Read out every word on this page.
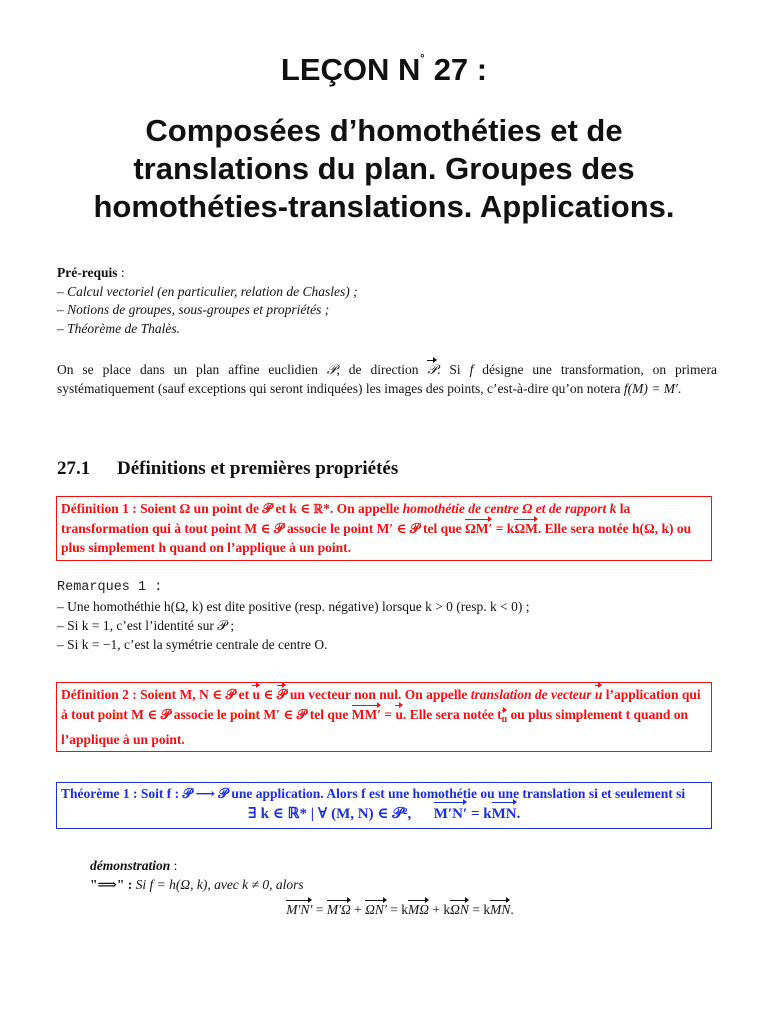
LEÇON N˚ 27 :
Composées d’homothéties et de
translations du plan. Groupes des
homothéties-translations. Applications.
Pré-requis :
– Calcul vectoriel (en particulier, relation de Chasles) ;
– Notions de groupes, sous-groupes et propriétés ;
– Théorème de Thalès.
On se place dans un plan affine euclidien 𝒫, de direction 𝒫. Si f désigne une transformation, on primera systématiquement (sauf exceptions qui seront indiquées) les images des points, c’est-à-dire qu’on notera f(M) = M′.
27.1 Définitions et premières propriétés
Définition 1 : Soient Ω un point de 𝒫 et k ∈ ℝ*. On appelle homothétie de centre Ω et de rapport k la transformation qui à tout point M ∈ 𝒫 associe le point M′ ∈ 𝒫 tel que ΩM′ = kΩM. Elle sera notée h(Ω, k) ou plus simplement h quand on l’applique à un point.
Remarques 1 :
– Une homothéthie h(Ω, k) est dite positive (resp. négative) lorsque k > 0 (resp. k < 0) ;
– Si k = 1, c’est l’identité sur 𝒫 ;
– Si k = −1, c’est la symétrie centrale de centre O.
Définition 2 : Soient M, N ∈ 𝒫 et u ∈ 𝒫 un vecteur non nul. On appelle translation de vecteur u l’application qui à tout point M ∈ 𝒫 associe le point M′ ∈ 𝒫 tel que MM′ = u. Elle sera notée $t_u$ ou plus simplement t quand on l’applique à un point.
Théorème 1 : Soit f : 𝒫 ⟶ 𝒫 une application. Alors f est une homothétie ou une translation si et seulement si
∃ k ∈ ℝ* | ∀ (M, N) ∈ 𝒫²,      M′N′ = kMN.
démonstration :
"⟹" : Si f = h(Ω, k), avec k ≠ 0, alors
M′N′ = M′Ω + ΩN′ = kMΩ + kΩN = kMN.
